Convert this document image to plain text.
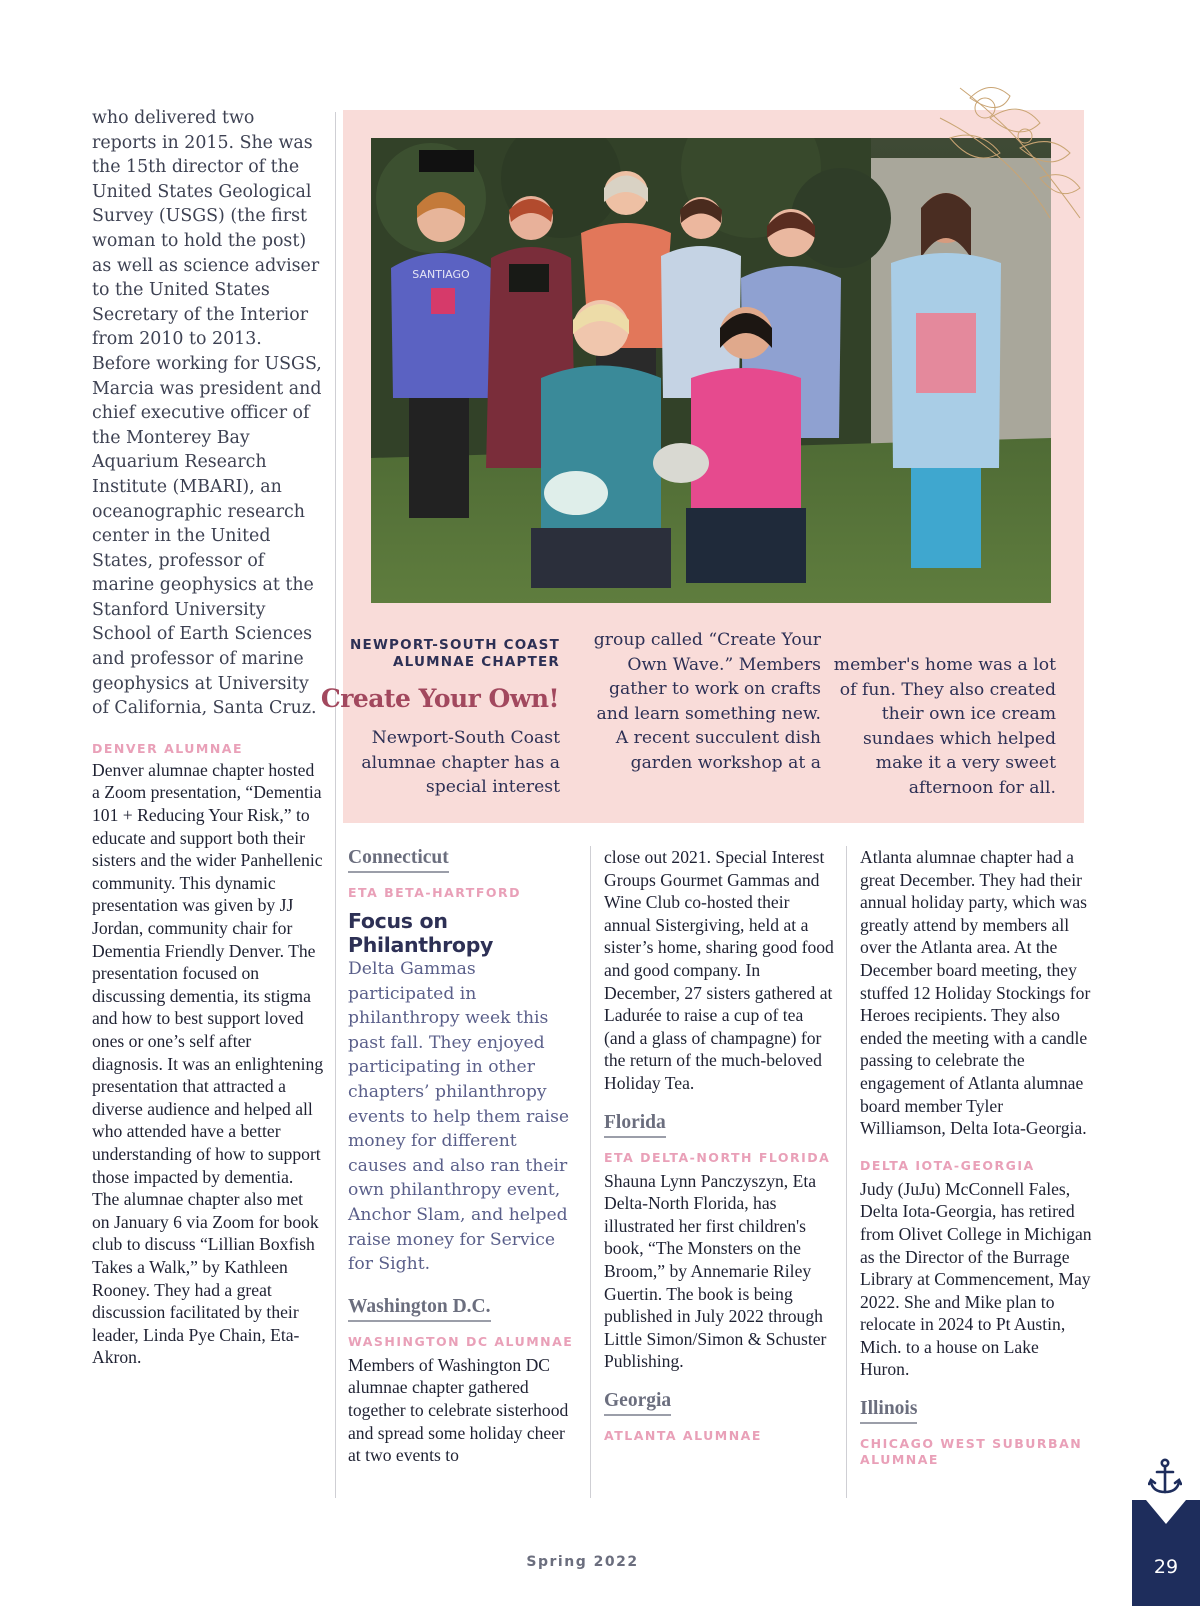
who delivered two reports in 2015. She was the 15th director of the United States Geological Survey (USGS) (the first woman to hold the post) as well as science adviser to the United States Secretary of the Interior from 2010 to 2013. Before working for USGS, Marcia was president and chief executive officer of the Monterey Bay Aquarium Research Institute (MBARI), an oceanographic research center in the United States, professor of marine geophysics at the Stanford University School of Earth Sciences and professor of marine geophysics at University of California, Santa Cruz.

DENVER ALUMNAE

Denver alumnae chapter hosted a Zoom presentation, “Dementia 101 + Reducing Your Risk,” to educate and support both their sisters and the wider Panhellenic community. This dynamic presentation was given by JJ Jordan, community chair for Dementia Friendly Denver. The presentation focused on discussing dementia, its stigma and how to best support loved ones or one’s self after diagnosis. It was an enlightening presentation that attracted a diverse audience and helped all who attended have a better understanding of how to support those impacted by dementia. The alumnae chapter also met on January 6 via Zoom for book club to discuss “Lillian Boxfish Takes a Walk,” by Kathleen Rooney. They had a great discussion facilitated by their leader, Linda Pye Chain, Eta-Akron.

SANTIAGO
NEWPORT-SOUTH COAST ALUMNAE CHAPTER
Create Your Own!

Newport-South Coast alumnae chapter has a special interest

group called “Create Your Own Wave.” Members gather to work on crafts and learn something new. A recent succulent dish garden workshop at a

member's home was a lot of fun. They also created their own ice cream sundaes which helped make it a very sweet afternoon for all.

Connecticut
ETA BETA-HARTFORD
Focus on Philanthropy

Delta Gammas participated in philanthropy week this past fall. They enjoyed participating in other chapters’ philanthropy events to help them raise money for different causes and also ran their own philanthropy event, Anchor Slam, and helped raise money for Service for Sight.

Washington D.C.
WASHINGTON DC ALUMNAE

Members of Washington DC alumnae chapter gathered together to celebrate sisterhood and spread some holiday cheer at two events to

close out 2021. Special Interest Groups Gourmet Gammas and Wine Club co-hosted their annual Sistergiving, held at a sister’s home, sharing good food and good company. In December, 27 sisters gathered at Ladurée to raise a cup of tea (and a glass of champagne) for the return of the much-beloved Holiday Tea.

Florida
ETA DELTA-NORTH FLORIDA

Shauna Lynn Panczyszyn, Eta Delta-North Florida, has illustrated her first children's book, “The Monsters on the Broom,” by Annemarie Riley Guertin. The book is being published in July 2022 through Little Simon/Simon & Schuster Publishing.

Georgia
ATLANTA ALUMNAE

Atlanta alumnae chapter had a great December. They had their annual holiday party, which was greatly attend by members all over the Atlanta area. At the December board meeting, they stuffed 12 Holiday Stockings for Heroes recipients. They also ended the meeting with a candle passing to celebrate the engagement of Atlanta alumnae board member Tyler Williamson, Delta Iota-Georgia.

DELTA IOTA-GEORGIA

Judy (JuJu) McConnell Fales, Delta Iota-Georgia, has retired from Olivet College in Michigan as the Director of the Burrage Library at Commencement, May 2022. She and Mike plan to relocate in 2024 to Pt Austin, Mich. to a house on Lake Huron.

Illinois
CHICAGO WEST SUBURBAN ALUMNAE
Spring 2022	29
